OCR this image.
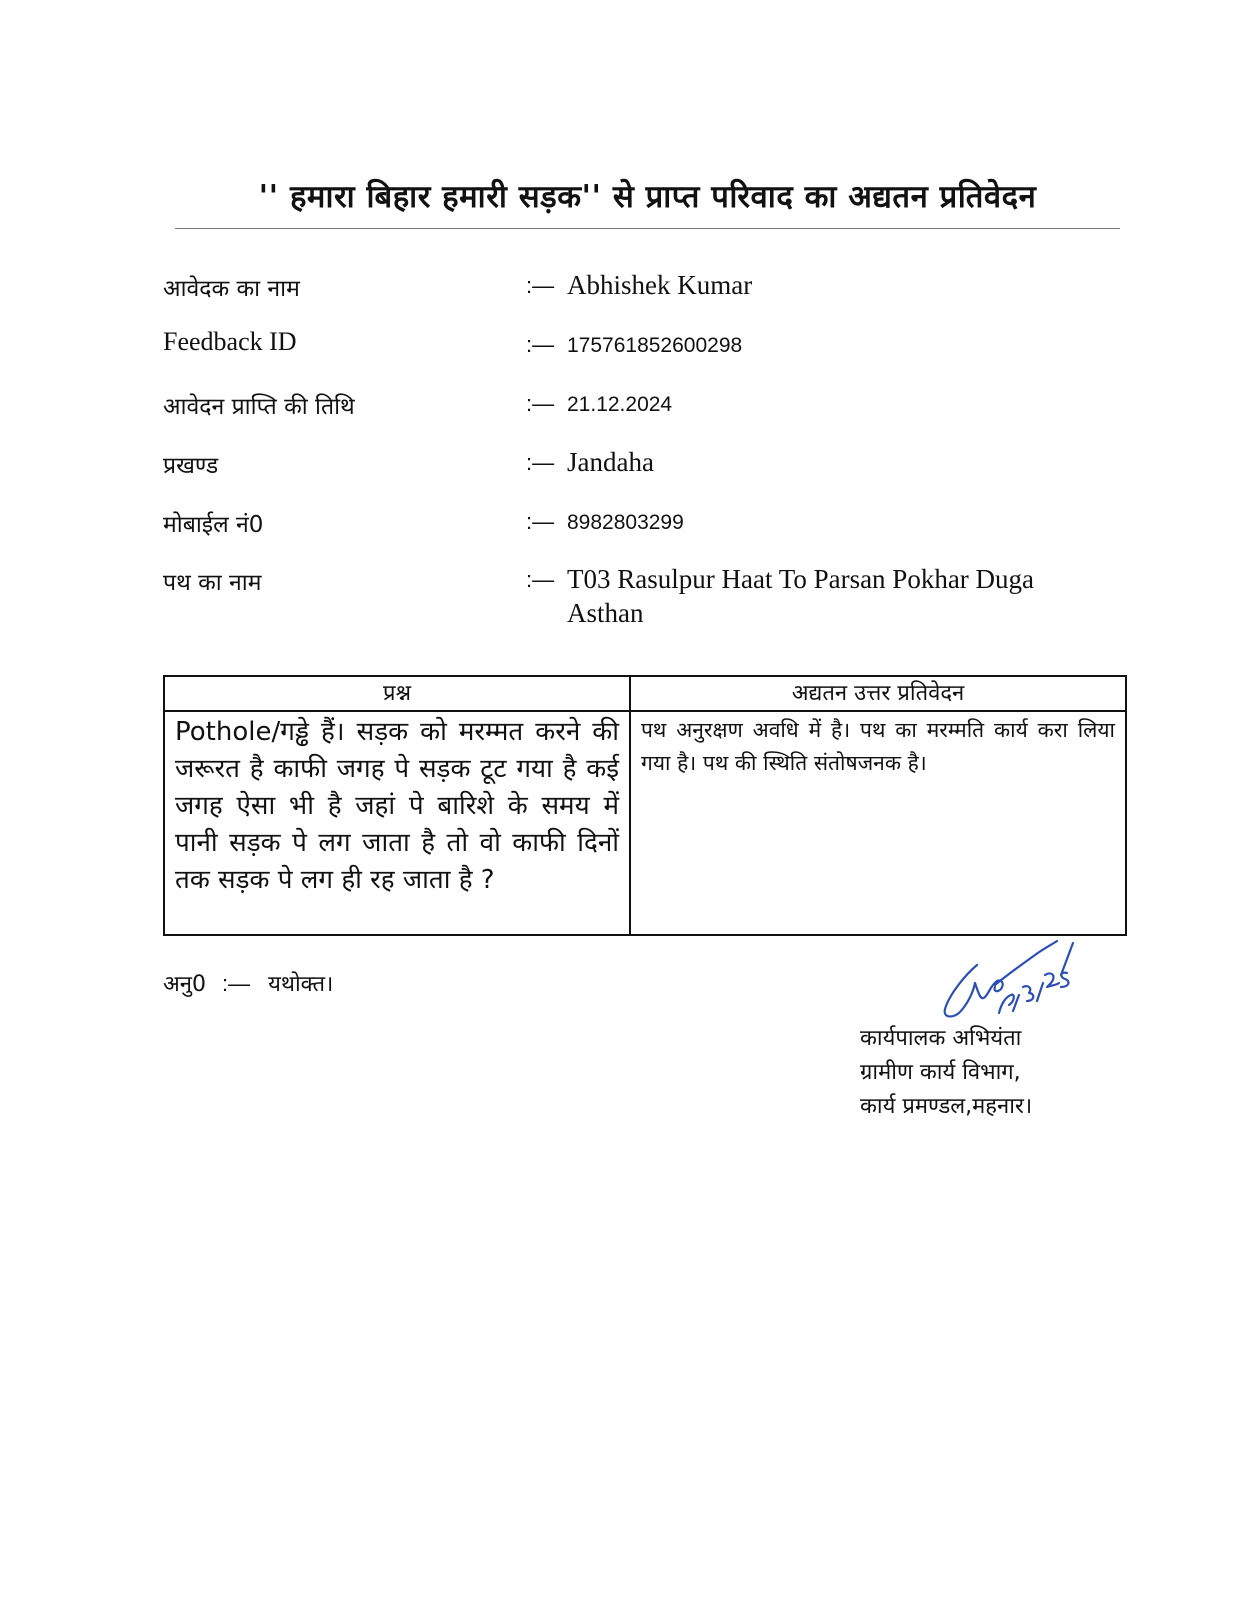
'' हमारा बिहार हमारी सड़क'' से प्राप्त परिवाद का अद्यतन प्रतिवेदन
आवेदक का नाम	:— Abhishek Kumar
Feedback ID	:— 175761852600298
आवेदन प्राप्ति की तिथि	:— 21.12.2024
प्रखण्ड	:— Jandaha
मोबाईल नं0	:— 8982803299
पथ का नाम	:— T03 Rasulpur Haat To Parsan Pokhar Duga Asthan
प्रश्न	अद्यतन उत्तर प्रतिवेदन
Pothole/गड्ढे हैं। सड़क को मरम्मत करने की जरूरत है काफी जगह पे सड़क टूट गया है कई जगह ऐसा भी है जहां पे बारिशे के समय में पानी सड़क पे लग जाता है तो वो काफी दिनों तक सड़क पे लग ही रह जाता है ?	पथ अनुरक्षण अवधि में है। पथ का मरम्मति कार्य करा लिया गया है। पथ की स्थिति संतोषजनक है।
अनु0 :— यथोक्त।
कार्यपालक अभियंता
ग्रामीण कार्य विभाग,
कार्य प्रमण्डल,महनार।
